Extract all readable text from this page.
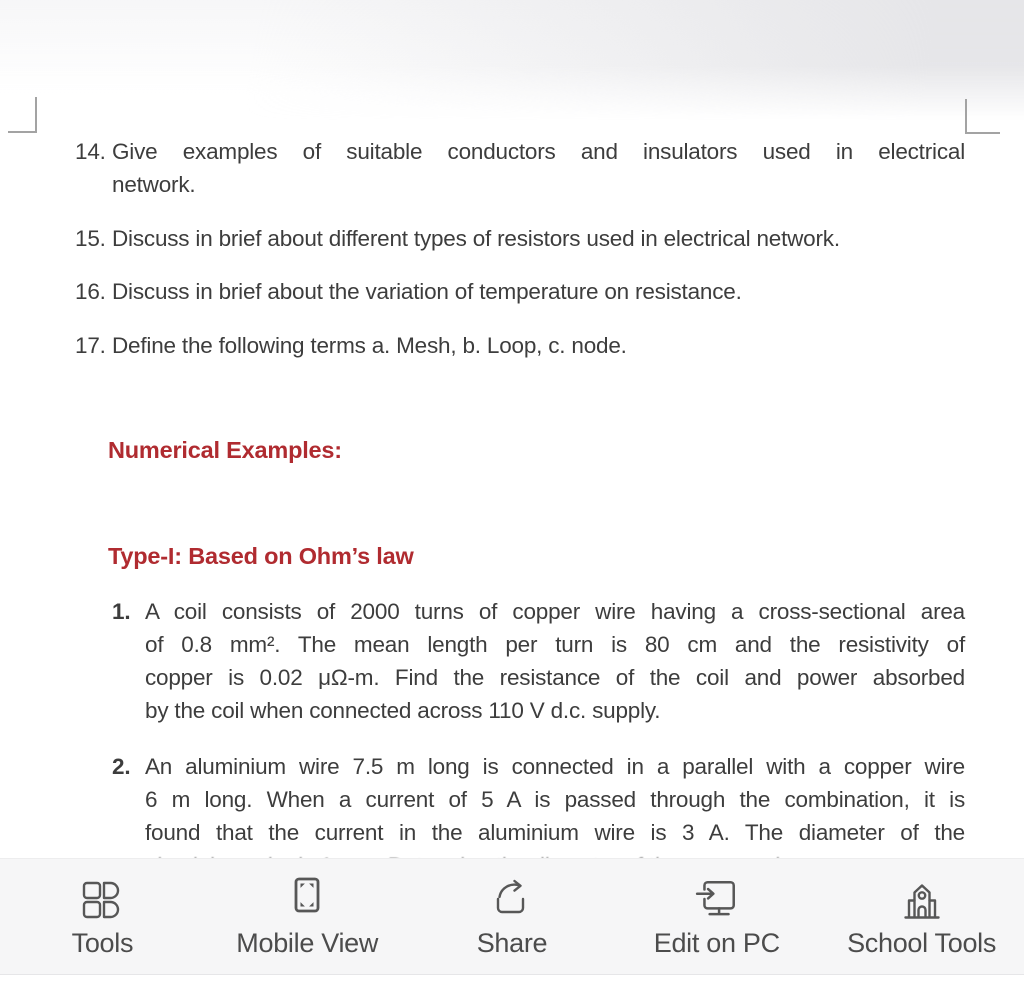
14. Give examples of suitable conductors and insulators used in electrical
network.
15. Discuss in brief about different types of resistors used in electrical network.
16. Discuss in brief about the variation of temperature on resistance.
17. Define the following terms a. Mesh, b. Loop, c. node.
Numerical Examples:
Type-I: Based on Ohm’s law
1. A coil consists of 2000 turns of copper wire having a cross-sectional area
of 0.8 mm². The mean length per turn is 80 cm and the resistivity of
copper is 0.02 μΩ-m. Find the resistance of the coil and power absorbed
by the coil when connected across 110 V d.c. supply.
2. An aluminium wire 7.5 m long is connected in a parallel with a copper wire
6 m long. When a current of 5 A is passed through the combination, it is
found that the current in the aluminium wire is 3 A. The diameter of the
Tools	Mobile View	Share	Edit on PC School Tools
